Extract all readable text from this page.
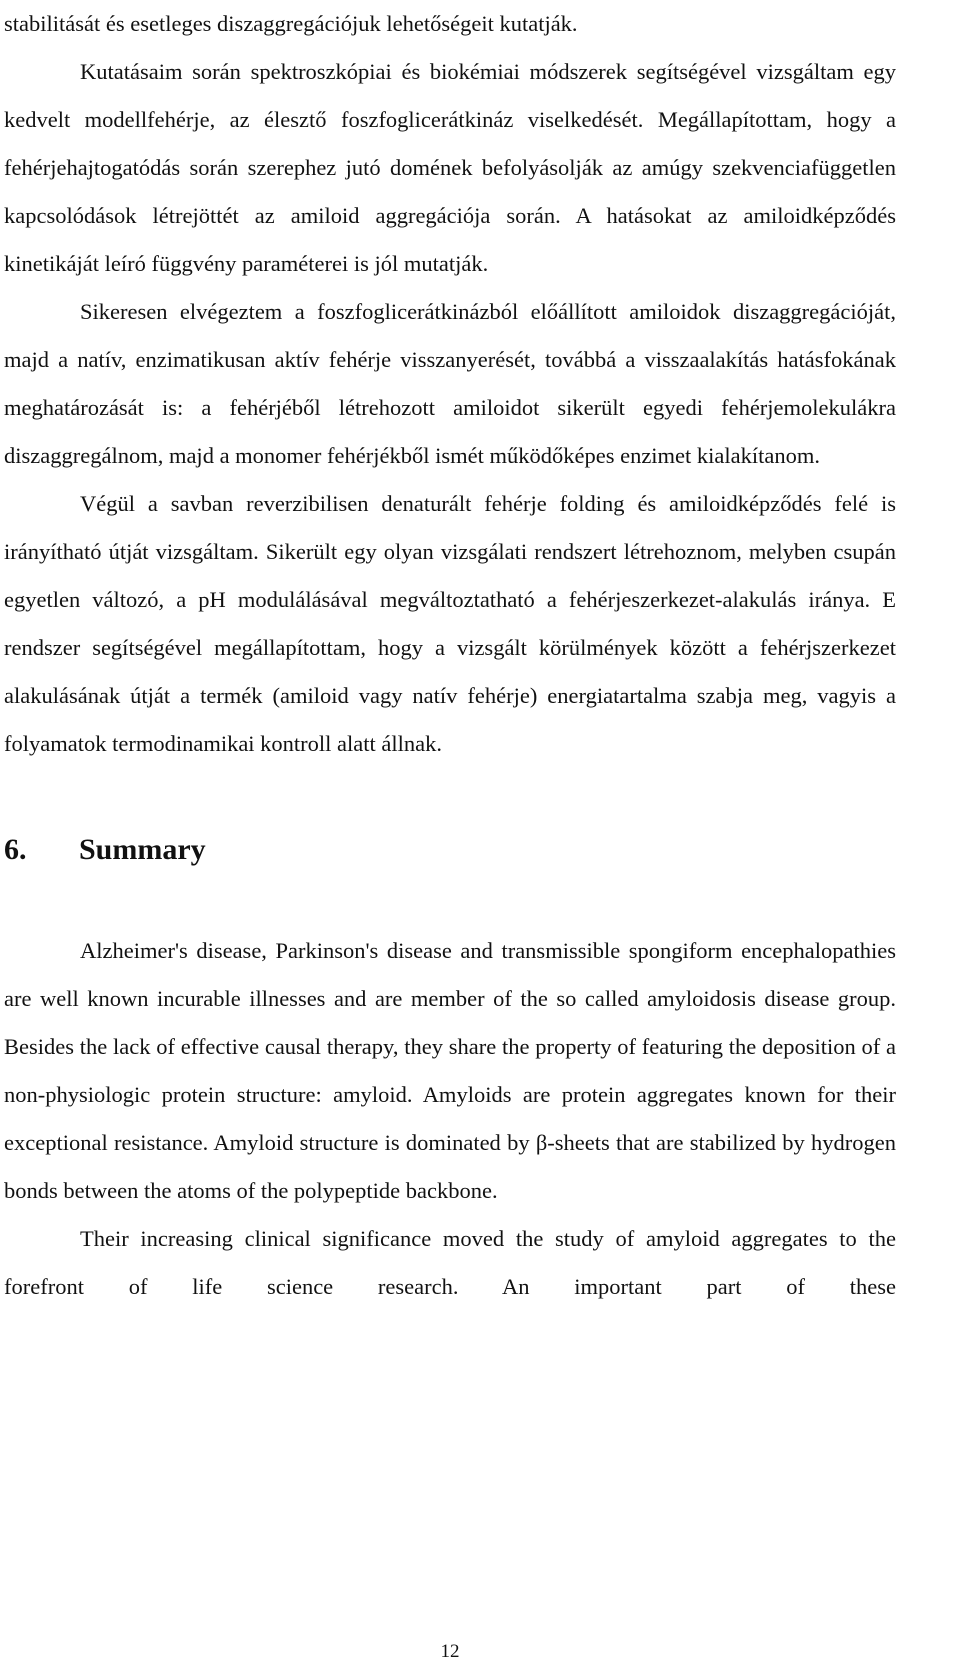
stabilitását és esetleges diszaggregációjuk lehetőségeit kutatják.

Kutatásaim során spektroszkópiai és biokémiai módszerek segítségével vizsgáltam egy kedvelt modellfehérje, az élesztő foszfoglicerátkináz viselkedését. Megállapítottam, hogy a fehérjehajtogatódás során szerephez jutó domének befolyásolják az amúgy szekvenciafüggetlen kapcsolódások létrejöttét az amiloid aggregációja során. A hatásokat az amiloidképződés kinetikáját leíró függvény paraméterei is jól mutatják.

Sikeresen elvégeztem a foszfoglicerátkinázból előállított amiloidok diszaggregációját, majd a natív, enzimatikusan aktív fehérje visszanyerését, továbbá a visszaalakítás hatásfokának meghatározását is: a fehérjéből létrehozott amiloidot sikerült egyedi fehérjemolekulákra diszaggregálnom, majd a monomer fehérjékből ismét működőképes enzimet kialakítanom.

Végül a savban reverzibilisen denaturált fehérje folding és amiloidképződés felé is irányítható útját vizsgáltam. Sikerült egy olyan vizsgálati rendszert létrehoznom, melyben csupán egyetlen változó, a pH modulálásával megváltoztatható a fehérjeszerkezet-alakulás iránya. E rendszer segítségével megállapítottam, hogy a vizsgált körülmények között a fehérjszerkezet alakulásának útját a termék (amiloid vagy natív fehérje) energiatartalma szabja meg, vagyis a folyamatok termodinamikai kontroll alatt állnak.

6.	Summary

Alzheimer's disease, Parkinson's disease and transmissible spongiform encephalopathies are well known incurable illnesses and are member of the so called amyloidosis disease group. Besides the lack of effective causal therapy, they share the property of featuring the deposition of a non-physiologic protein structure: amyloid. Amyloids are protein aggregates known for their exceptional resistance. Amyloid structure is dominated by β-sheets that are stabilized by hydrogen bonds between the atoms of the polypeptide backbone.

Their increasing clinical significance moved the study of amyloid aggregates to the forefront of life science research. An important part of these

12
